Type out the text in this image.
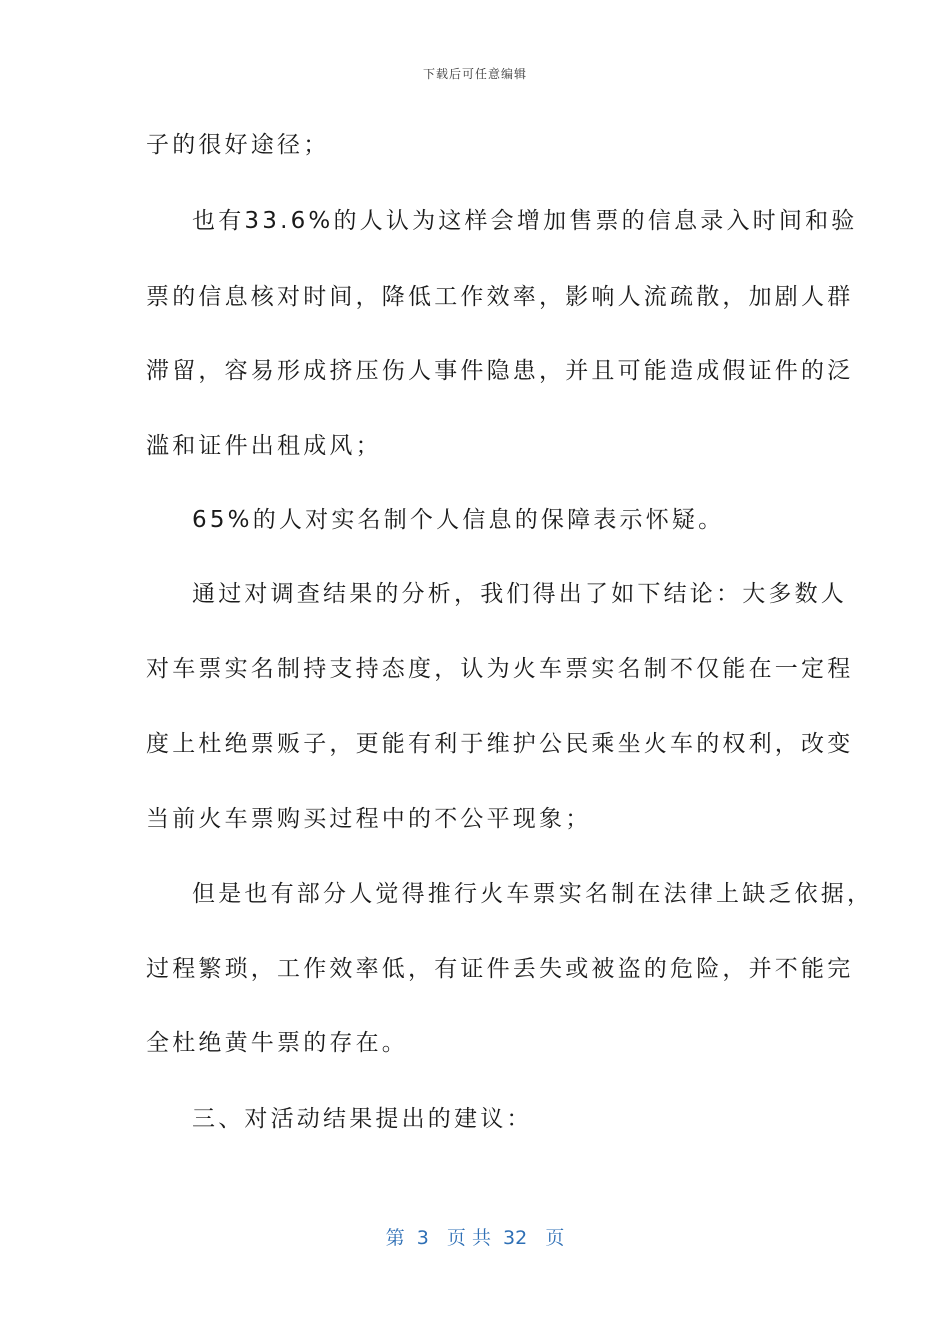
下载后可任意编辑
子的很好途径；
也有33.6%的人认为这样会增加售票的信息录入时间和验
票的信息核对时间，降低工作效率，影响人流疏散，加剧人群
滞留，容易形成挤压伤人事件隐患，并且可能造成假证件的泛
滥和证件出租成风；
65%的人对实名制个人信息的保障表示怀疑。
通过对调查结果的分析，我们得出了如下结论：大多数人
对车票实名制持支持态度，认为火车票实名制不仅能在一定程
度上杜绝票贩子，更能有利于维护公民乘坐火车的权利，改变
当前火车票购买过程中的不公平现象；
但是也有部分人觉得推行火车票实名制在法律上缺乏依据，
过程繁琐，工作效率低，有证件丢失或被盗的危险，并不能完
全杜绝黄牛票的存在。
三、对活动结果提出的建议：
第  3   页 共  32   页
